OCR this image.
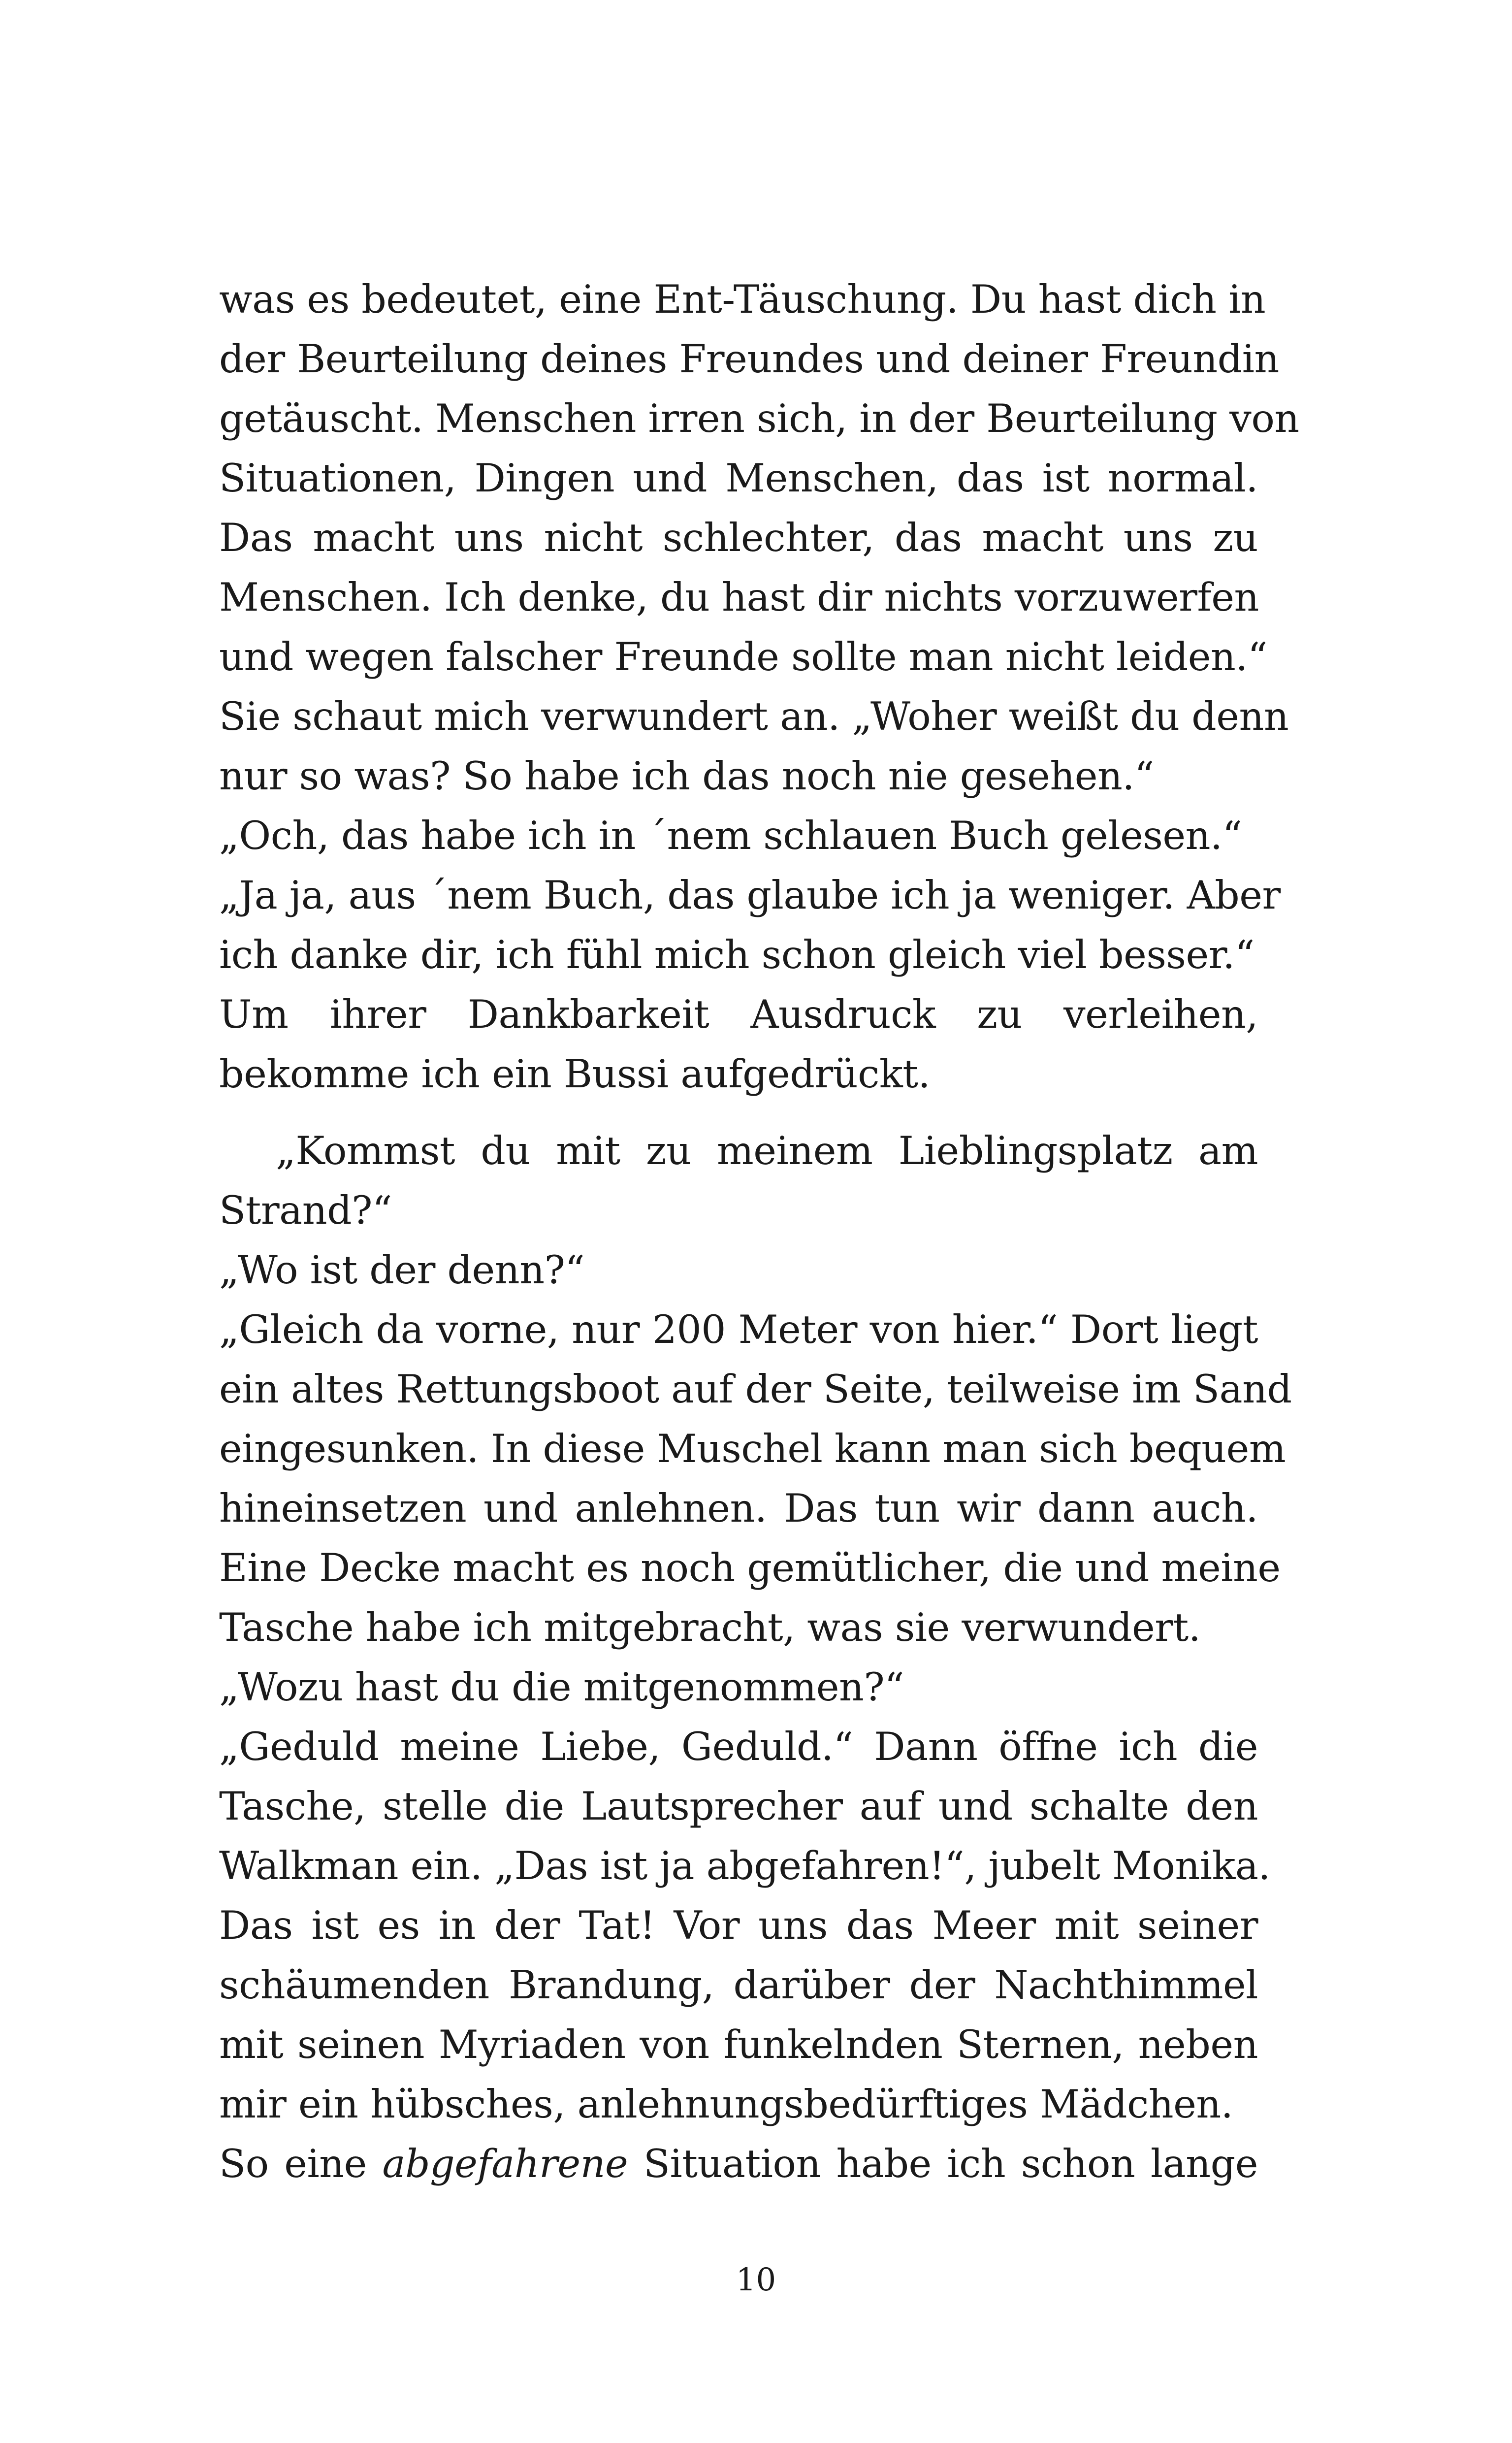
was es bedeutet, eine Ent-Täuschung. Du hast dich in
der Beurteilung deines Freundes und deiner Freundin
getäuscht. Menschen irren sich, in der Beurteilung von
Situationen, Dingen und Menschen, das ist normal.
Das macht uns nicht schlechter, das macht uns zu
Menschen. Ich denke, du hast dir nichts vorzuwerfen
und wegen falscher Freunde sollte man nicht leiden.“
Sie schaut mich verwundert an. „Woher weißt du denn
nur so was? So habe ich das noch nie gesehen.“
„Och, das habe ich in ´nem schlauen Buch gelesen.“
„Ja ja, aus ´nem Buch, das glaube ich ja weniger. Aber
ich danke dir, ich fühl mich schon gleich viel besser.“
Um ihrer Dankbarkeit Ausdruck zu verleihen,
bekomme ich ein Bussi aufgedrückt.
„Kommst du mit zu meinem Lieblingsplatz am
Strand?“
„Wo ist der denn?“
„Gleich da vorne, nur 200 Meter von hier.“ Dort liegt
ein altes Rettungsboot auf der Seite, teilweise im Sand
eingesunken. In diese Muschel kann man sich bequem
hineinsetzen und anlehnen. Das tun wir dann auch.
Eine Decke macht es noch gemütlicher, die und meine
Tasche habe ich mitgebracht, was sie verwundert.
„Wozu hast du die mitgenommen?“
„Geduld meine Liebe, Geduld.“ Dann öffne ich die
Tasche, stelle die Lautsprecher auf und schalte den
Walkman ein. „Das ist ja abgefahren!“, jubelt Monika.
Das ist es in der Tat! Vor uns das Meer mit seiner
schäumenden Brandung, darüber der Nachthimmel
mit seinen Myriaden von funkelnden Sternen, neben
mir ein hübsches, anlehnungsbedürftiges Mädchen.
So eine abgefahrene Situation habe ich schon lange
10
